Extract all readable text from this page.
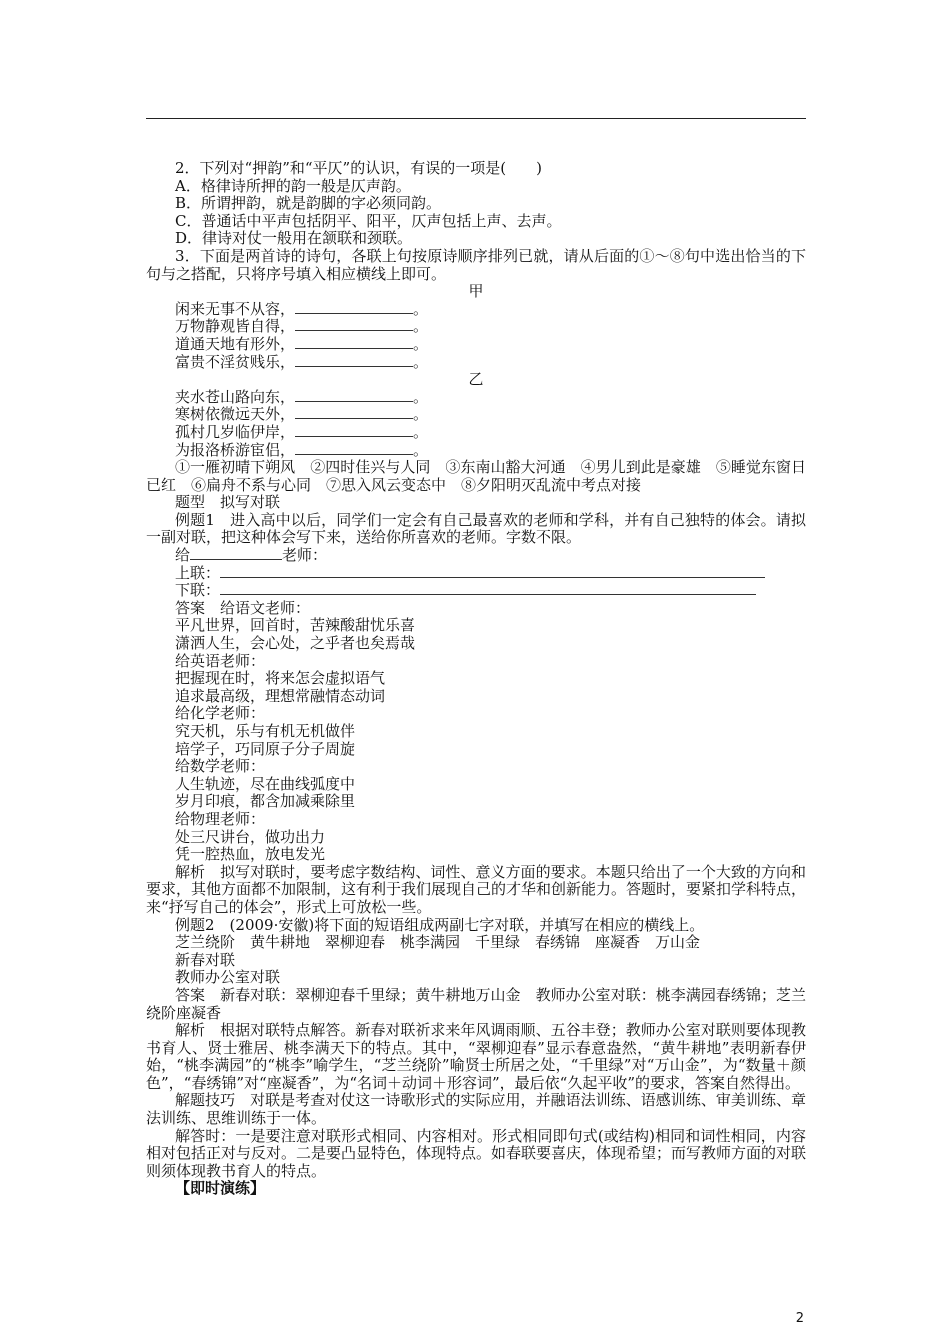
2．下列对“押韵”和“平仄”的认识，有误的一项是(　　)

A．格律诗所押的韵一般是仄声韵。

B．所谓押韵，就是韵脚的字必须同韵。

C．普通话中平声包括阴平、阳平，仄声包括上声、去声。

D．律诗对仗一般用在颔联和颈联。

3．下面是两首诗的诗句，各联上句按原诗顺序排列已就，请从后面的①～⑧句中选出恰当的下句与之搭配，只将序号填入相应横线上即可。

甲

闲来无事不从容，	。

万物静观皆自得，	。

道通天地有形外，	。

富贵不淫贫贱乐，	。

乙

夹水苍山路向东，	。

寒树依微远天外，	。

孤村几岁临伊岸，	。

为报洛桥游宦侣，	。

①一雁初晴下朔风　②四时佳兴与人同　③东南山豁大河通　④男儿到此是豪雄　⑤睡觉东窗日已红　⑥扁舟不系与心同　⑦思入风云变态中　⑧夕阳明灭乱流中考点对接

题型　拟写对联

例题1　进入高中以后，同学们一定会有自己最喜欢的老师和学科，并有自己独特的体会。请拟一副对联，把这种体会写下来，送给你所喜欢的老师。字数不限。

给	老师：

上联：

下联：

答案　给语文老师：

平凡世界，回首时，苦辣酸甜忧乐喜

潇洒人生，会心处，之乎者也矣焉哉

给英语老师：

把握现在时，将来怎会虚拟语气

追求最高级，理想常融情态动词

给化学老师：

究天机，乐与有机无机做伴

培学子，巧同原子分子周旋

给数学老师：

人生轨迹，尽在曲线弧度中

岁月印痕，都含加减乘除里

给物理老师：

处三尺讲台，做功出力

凭一腔热血，放电发光

解析　拟写对联时，要考虑字数结构、词性、意义方面的要求。本题只给出了一个大致的方向和要求，其他方面都不加限制，这有利于我们展现自己的才华和创新能力。答题时，要紧扣学科特点，来“抒写自己的体会”，形式上可放松一些。

例题2　(2009·安徽)将下面的短语组成两副七字对联，并填写在相应的横线上。

芝兰绕阶　黄牛耕地　翠柳迎春　桃李满园　千里绿　春绣锦　座凝香　万山金

新春对联

教师办公室对联

答案　新春对联：翠柳迎春千里绿；黄牛耕地万山金　教师办公室对联：桃李满园春绣锦；芝兰绕阶座凝香

解析　根据对联特点解答。新春对联祈求来年风调雨顺、五谷丰登；教师办公室对联则要体现教书育人、贤士雅居、桃李满天下的特点。其中，“翠柳迎春”显示春意盎然，“黄牛耕地”表明新春伊始，“桃李满园”的“桃李”喻学生，“芝兰绕阶”喻贤士所居之处，“千里绿”对“万山金”，为“数量＋颜色”，“春绣锦”对“座凝香”，为“名词＋动词＋形容词”，最后依“久起平收”的要求，答案自然得出。

解题技巧　对联是考查对仗这一诗歌形式的实际应用，并融语法训练、语感训练、审美训练、章法训练、思维训练于一体。

解答时：一是要注意对联形式相同、内容相对。形式相同即句式(或结构)相同和词性相同，内容相对包括正对与反对。二是要凸显特色，体现特点。如春联要喜庆，体现希望；而写教师方面的对联则须体现教书育人的特点。

【即时演练】

2
